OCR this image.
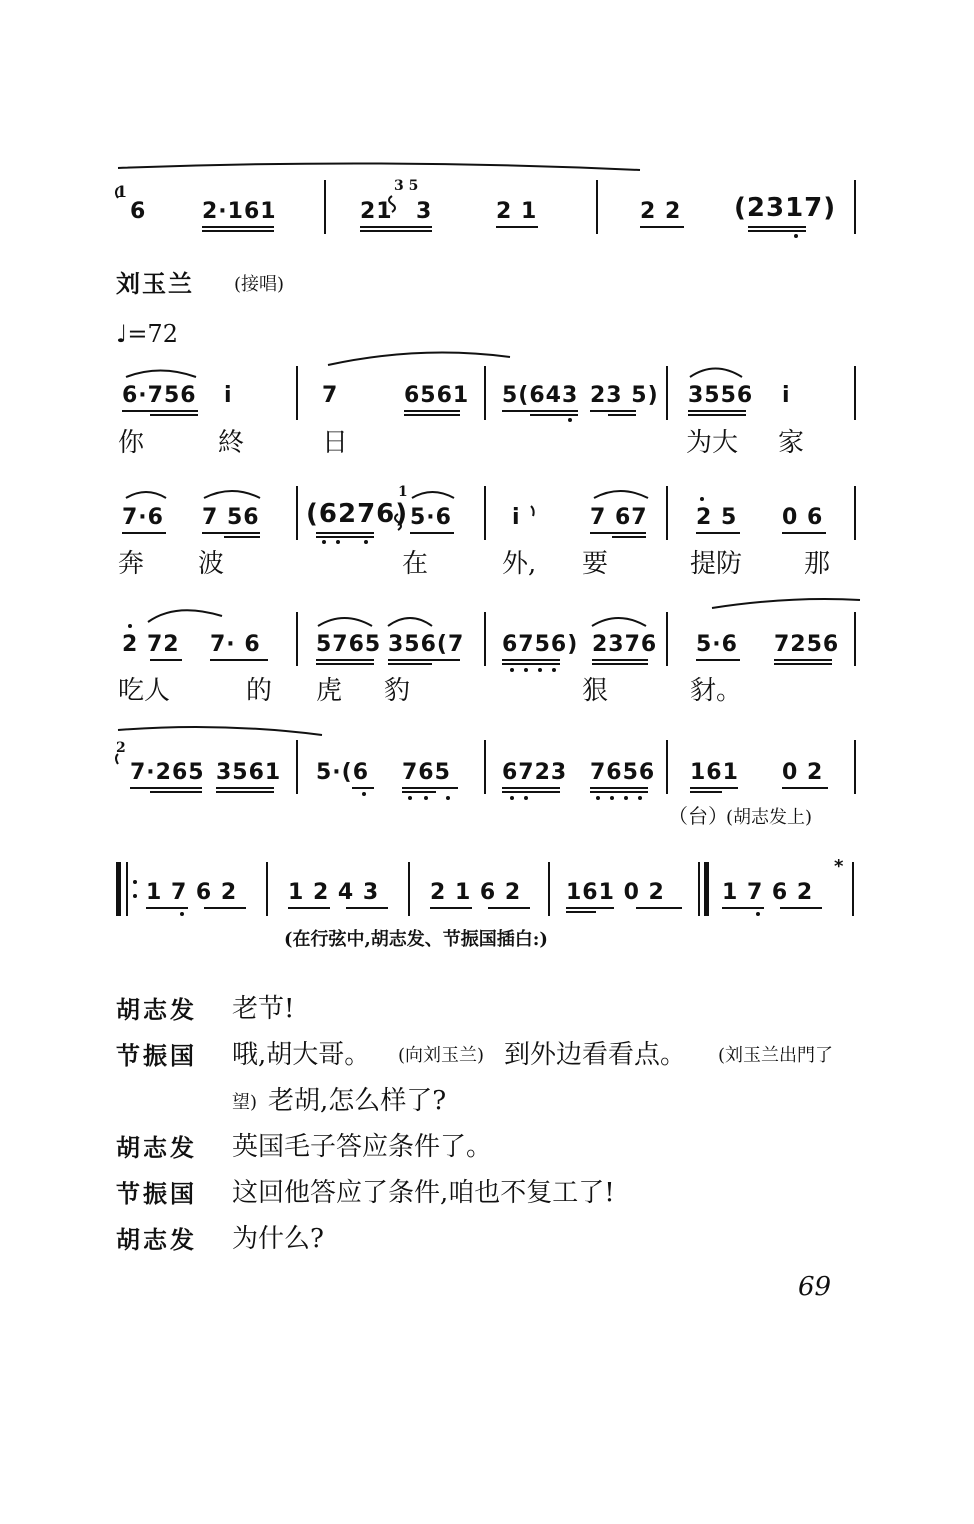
1
6	2·161	21
3 5
3	2 1	2 2 (2317)
刘玉兰 (接唱)
♩=72
6·756 i	7	6561 5(643 23 5) 3556 i
你	終	日	为大 家
7·6 7 56 (6276)
1
5·6	i	7 67 2 5 0 6
奔 波	在	外, 要	提防 那
2 72 7· 6	5765 356(7 6756) 2376 5·6 7256
吃人	的 虎 豹	狠	豺。
2
7·265 3561 5·(6 765 6723 7656 161 0 2
（台）
(胡志发上)
1 7 6 2 1 2 4 3 2 1 6 2 161 0 2	1 7 6 2
*
(在行弦中,胡志发、节振国插白:)
胡志发 老节!
节振国 哦,胡大哥。 (向刘玉兰) 到外边看看点。 (刘玉兰出門了
望) 老胡,怎么样了?
胡志发 英国毛子答应条件了。
节振国 这回他答应了条件,咱也不复工了!
胡志发 为什么?
69
